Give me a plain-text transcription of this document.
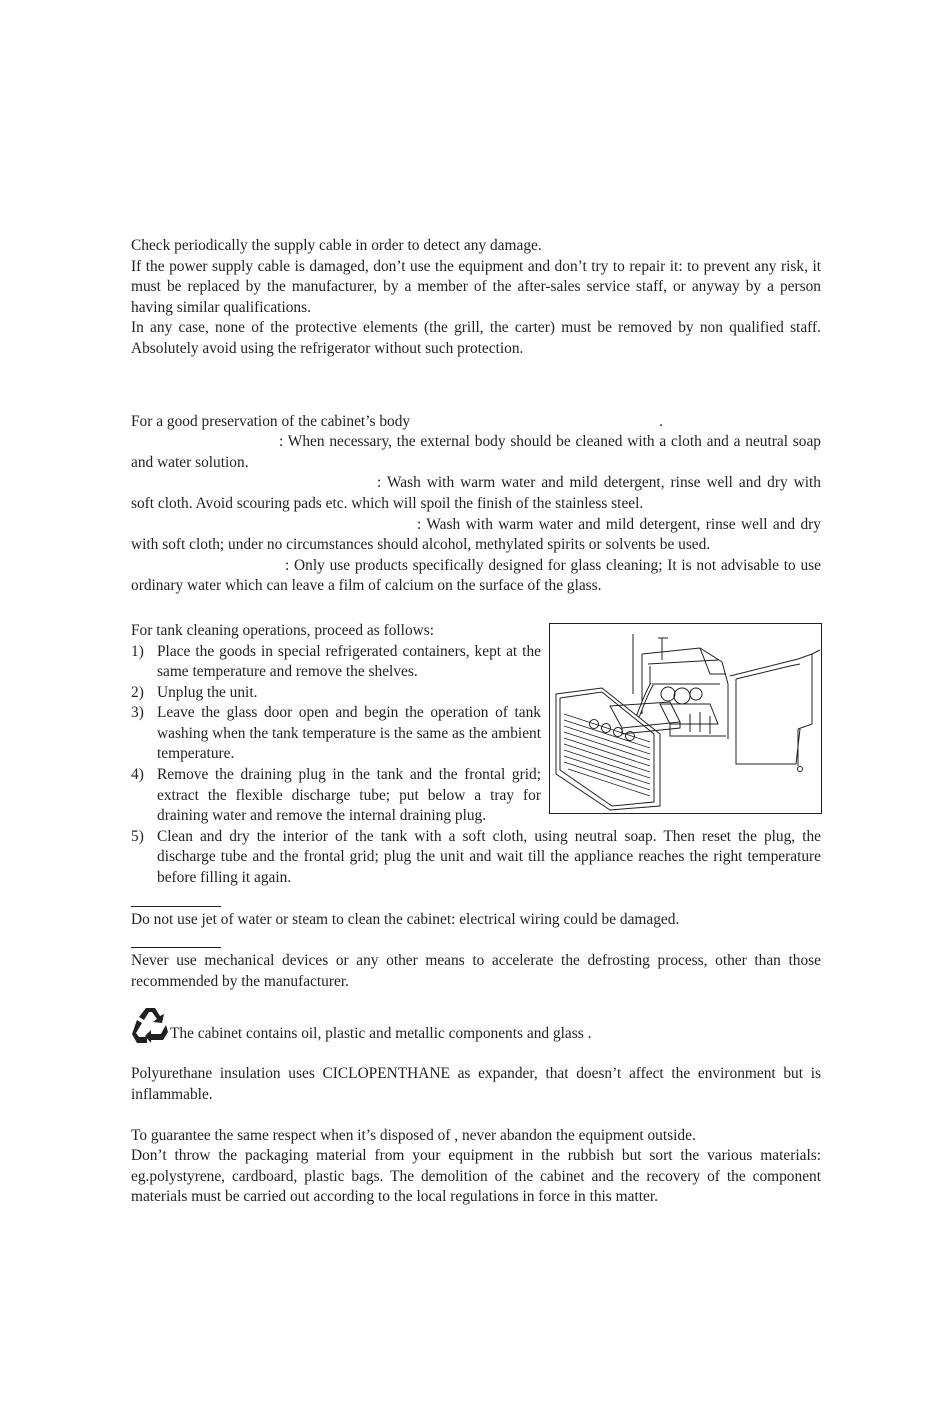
Check periodically the supply cable in order to detect any damage.

If the power supply cable is damaged, don’t use the equipment and don’t try to repair it: to prevent any risk, it must be replaced by the manufacturer, by a member of the after-sales service staff, or anyway by a person having similar qualifications.

In any case, none of the protective elements (the grill, the carter) must be removed by non qualified staff. Absolutely avoid using the refrigerator without such protection.

For a good preservation of the cabinet’s body	.

: When necessary, the external body should be cleaned with a cloth and a neutral soap and water solution.

: Wash with warm water and mild detergent, rinse well and dry with soft cloth. Avoid scouring pads etc. which will spoil the finish of the stainless steel.

: Wash with warm water and mild detergent, rinse well and dry with soft cloth; under no circumstances should alcohol, methylated spirits or solvents be used.

: Only use products specifically designed for glass cleaning; It is not advisable to use ordinary water which can leave a film of calcium on the surface of the glass.

For tank cleaning operations, proceed as follows:

1) Place the goods in special refrigerated containers, kept at the same temperature and remove the shelves.
2) Unplug the unit.
3) Leave the glass door open and begin the operation of tank washing when the tank temperature is the same as the ambient temperature.
4) Remove the draining plug in the tank and the frontal grid; extract the flexible discharge tube; put below a tray for draining water and remove the internal draining plug.
5) Clean and dry the interior of the tank with a soft cloth, using neutral soap. Then reset the plug, the discharge tube and the frontal grid; plug the unit and wait till the appliance reaches the right temperature before filling it again.

Do not use jet of water or steam to clean the cabinet: electrical wiring could be damaged.

Never use mechanical devices or any other means to accelerate the defrosting process, other than those recommended by the manufacturer.

The cabinet contains oil, plastic and metallic components and glass .

Polyurethane insulation uses CICLOPENTHANE as expander, that doesn’t affect the environment but is inflammable.

To guarantee the same respect when it’s disposed of , never abandon the equipment outside.

Don’t throw the packaging material from your equipment in the rubbish but sort the various materials: eg.polystyrene, cardboard, plastic bags. The demolition of the cabinet and the recovery of the component materials must be carried out according to the local regulations in force in this matter.
